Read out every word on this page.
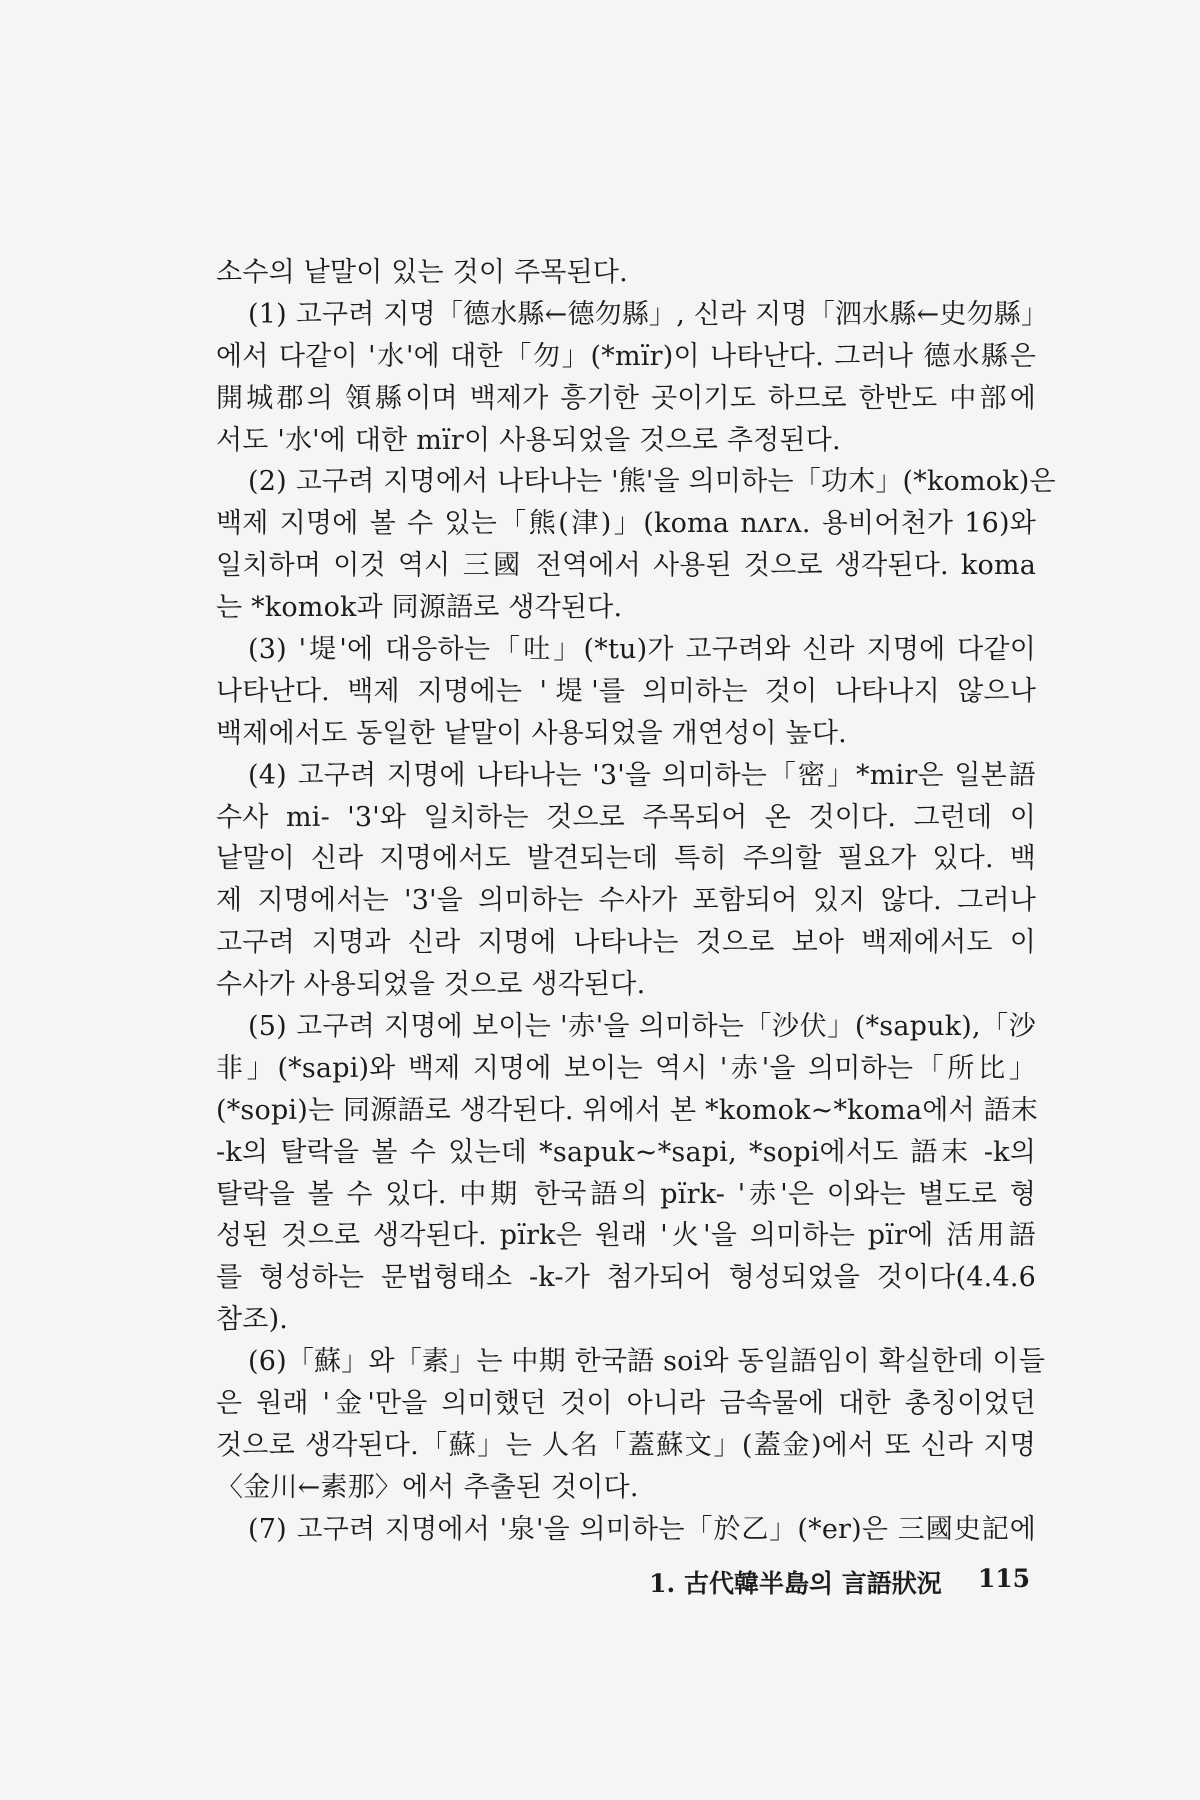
소수의 낱말이 있는 것이 주목된다.
(1) 고구려 지명「德水縣←德勿縣」, 신라 지명「泗水縣←史勿縣」
에서 다같이 '水'에 대한「勿」(*mïr)이 나타난다. 그러나 德水縣은
開城郡의 領縣이며 백제가 흥기한 곳이기도 하므로 한반도 中部에
서도 '水'에 대한 mïr이 사용되었을 것으로 추정된다.
(2) 고구려 지명에서 나타나는 '熊'을 의미하는「功木」(*komok)은
백제 지명에 볼 수 있는「熊(津)」(koma nʌrʌ. 용비어천가 16)와
일치하며 이것 역시 三國 전역에서 사용된 것으로 생각된다. koma
는 *komok과 同源語로 생각된다.
(3) '堤'에 대응하는「吐」(*tu)가 고구려와 신라 지명에 다같이
나타난다. 백제 지명에는 '堤'를 의미하는 것이 나타나지 않으나
백제에서도 동일한 낱말이 사용되었을 개연성이 높다.
(4) 고구려 지명에 나타나는 '3'을 의미하는「密」*mir은 일본語
수사 mi- '3'와 일치하는 것으로 주목되어 온 것이다. 그런데 이
낱말이 신라 지명에서도 발견되는데 특히 주의할 필요가 있다. 백
제 지명에서는 '3'을 의미하는 수사가 포함되어 있지 않다. 그러나
고구려 지명과 신라 지명에 나타나는 것으로 보아 백제에서도 이
수사가 사용되었을 것으로 생각된다.
(5) 고구려 지명에 보이는 '赤'을 의미하는「沙伏」(*sapuk),「沙
非」(*sapi)와 백제 지명에 보이는 역시 '赤'을 의미하는「所比」
(*sopi)는 同源語로 생각된다. 위에서 본 *komok~*koma에서 語末
-k의 탈락을 볼 수 있는데 *sapuk~*sapi, *sopi에서도 語末 -k의
탈락을 볼 수 있다. 中期 한국語의 pïrk- '赤'은 이와는 별도로 형
성된 것으로 생각된다. pïrk은 원래 '火'을 의미하는 pïr에 活用語
를 형성하는 문법형태소 -k-가 첨가되어 형성되었을 것이다(4.4.6
참조).
(6)「蘇」와「素」는 中期 한국語 soi와 동일語임이 확실한데 이들
은 원래 '金'만을 의미했던 것이 아니라 금속물에 대한 총칭이었던
것으로 생각된다.「蘇」는 人名「蓋蘇文」(蓋金)에서 또 신라 지명
〈金川←素那〉에서 추출된 것이다.
(7) 고구려 지명에서 '泉'을 의미하는「於乙」(*er)은 三國史記에
1. 古代韓半島의 言語狀況 115
